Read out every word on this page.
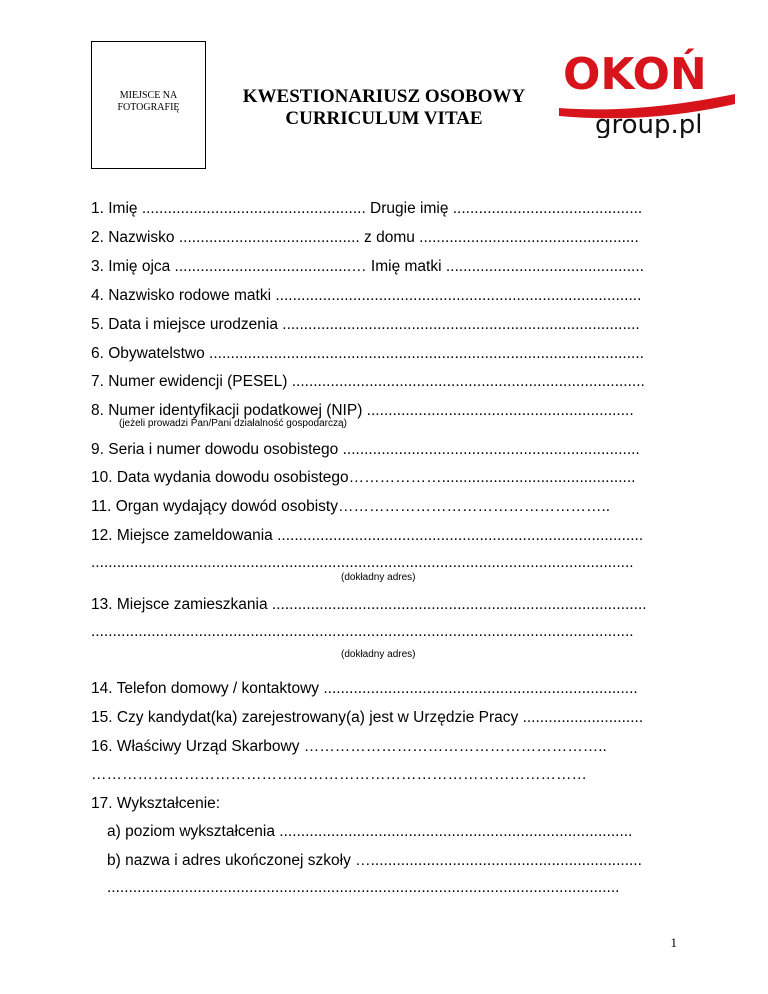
MIEJSCE NA
FOTOGRAFIĘ
KWESTIONARIUSZ OSOBOWY
CURRICULUM VITAE
OKOŃ
group.pl
1. Imię .................................................... Drugie imię ............................................
2. Nazwisko .......................................... z domu ...................................................
3. Imię ojca .........................................… Imię matki ..............................................
4. Nazwisko rodowe matki .....................................................................................
5. Data i miejsce urodzenia ...................................................................................
6. Obywatelstwo .....................................................................................................
7. Numer ewidencji (PESEL) ..................................................................................
8. Numer identyfikacji podatkowej (NIP) ..............................................................
(jeżeli prowadzi Pan/Pani działalność gospodarczą)
9. Seria i numer dowodu osobistego .....................................................................
10. Data wydania dowodu osobistego……………….............................................
11. Organ wydający dowód osobisty……………………………………………..
12. Miejsce zameldowania .....................................................................................
..............................................................................................................................
(dokładny adres)
13. Miejsce zamieszkania .......................................................................................
..............................................................................................................................
(dokładny adres)
14. Telefon domowy / kontaktowy .........................................................................
15. Czy kandydat(ka) zarejestrowany(a) jest w Urzędzie Pracy ............................
16. Właściwy Urząd Skarbowy …………………………………………………..
……………………………………………………………………………………
17. Wykształcenie:
a) poziom wykształcenia ..................................................................................
b) nazwa i adres ukończonej szkoły …...............................................................
.......................................................................................................................
1
